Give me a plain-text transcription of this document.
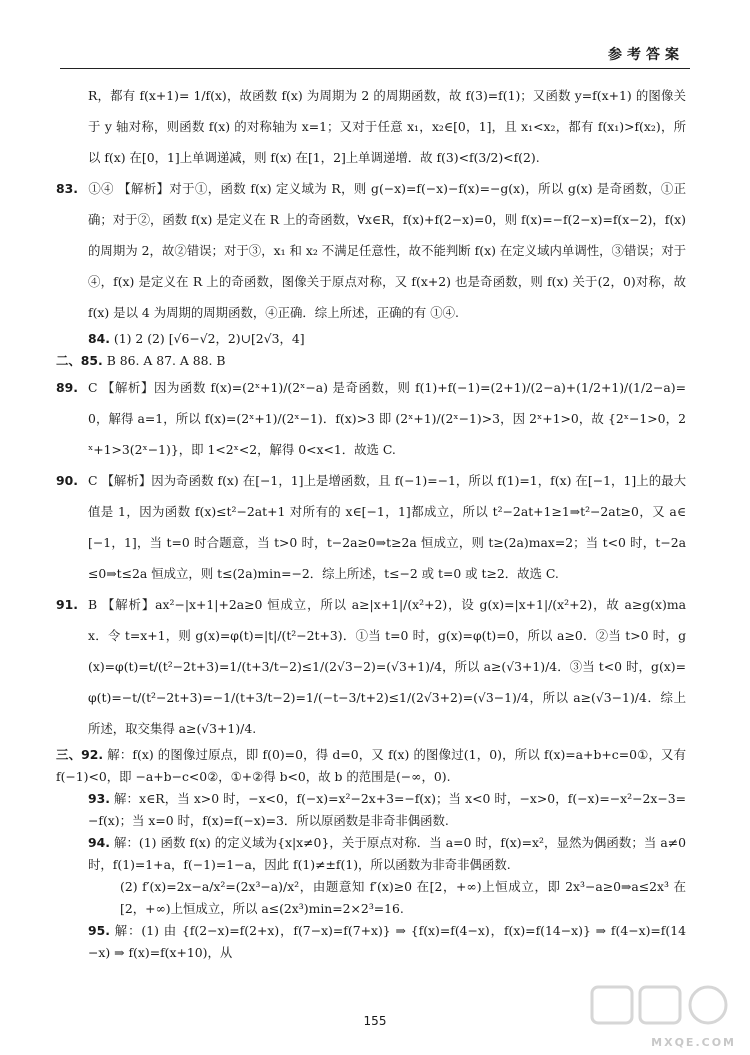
参考答案

R，都有 f(x+1)= 1/f(x)，故函数 f(x) 为周期为 2 的周期函数，故 f(3)=f(1)；又函数 y=f(x+1) 的图像关于 y 轴对称，则函数 f(x) 的对称轴为 x=1；又对于任意 x₁，x₂∈[0，1]，且 x₁<x₂，都有 f(x₁)>f(x₂)，所以 f(x) 在[0，1]上单调递减，则 f(x) 在[1，2]上单调递增．故 f(3)<f(3/2)<f(2).

83. ①④ 【解析】对于①，函数 f(x) 定义域为 R，则 g(−x)=f(−x)−f(x)=−g(x)，所以 g(x) 是奇函数，①正确；对于②，函数 f(x) 是定义在 R 上的奇函数，∀x∈R，f(x)+f(2−x)=0，则 f(x)=−f(2−x)=f(x−2)，f(x) 的周期为 2，故②错误；对于③，x₁ 和 x₂ 不满足任意性，故不能判断 f(x) 在定义域内单调性，③错误；对于④，f(x) 是定义在 R 上的奇函数，图像关于原点对称，又 f(x+2) 也是奇函数，则 f(x) 关于(2，0)对称，故 f(x) 是以 4 为周期的周期函数，④正确．综上所述，正确的有 ①④.

84. (1) 2 (2) [√6−√2，2)∪[2√3，4]

二、85. B 86. A 87. A 88. B

89. C 【解析】因为函数 f(x)=(2ˣ+1)/(2ˣ−a) 是奇函数，则 f(1)+f(−1)=(2+1)/(2−a)+(1/2+1)/(1/2−a)=0，解得 a=1，所以 f(x)=(2ˣ+1)/(2ˣ−1)．f(x)>3 即 (2ˣ+1)/(2ˣ−1)>3，因 2ˣ+1>0，故 {2ˣ−1>0，2ˣ+1>3(2ˣ−1)}，即 1<2ˣ<2，解得 0<x<1．故选 C.

90. C 【解析】因为奇函数 f(x) 在[−1，1]上是增函数，且 f(−1)=−1，所以 f(1)=1，f(x) 在[−1，1]上的最大值是 1，因为函数 f(x)≤t²−2at+1 对所有的 x∈[−1，1]都成立，所以 t²−2at+1≥1⇒t²−2at≥0，又 a∈[−1，1]，当 t=0 时合题意，当 t>0 时，t−2a≥0⇒t≥2a 恒成立，则 t≥(2a)max=2；当 t<0 时，t−2a≤0⇒t≤2a 恒成立，则 t≤(2a)min=−2．综上所述，t≤−2 或 t=0 或 t≥2．故选 C.

91. B 【解析】ax²−|x+1|+2a≥0 恒成立，所以 a≥|x+1|/(x²+2)，设 g(x)=|x+1|/(x²+2)，故 a≥g(x)max．令 t=x+1，则 g(x)=φ(t)=|t|/(t²−2t+3)．①当 t=0 时，g(x)=φ(t)=0，所以 a≥0．②当 t>0 时，g(x)=φ(t)=t/(t²−2t+3)=1/(t+3/t−2)≤1/(2√3−2)=(√3+1)/4，所以 a≥(√3+1)/4．③当 t<0 时，g(x)=φ(t)=−t/(t²−2t+3)=−1/(t+3/t−2)=1/(−t−3/t+2)≤1/(2√3+2)=(√3−1)/4，所以 a≥(√3−1)/4．综上所述，取交集得 a≥(√3+1)/4.

三、92. 解：f(x) 的图像过原点，即 f(0)=0，得 d=0，又 f(x) 的图像过(1，0)，所以 f(x)=a+b+c=0①，又有 f(−1)<0，即 −a+b−c<0②，①+②得 b<0，故 b 的范围是(−∞，0).

93. 解：x∈R，当 x>0 时，−x<0，f(−x)=x²−2x+3=−f(x)；当 x<0 时，−x>0，f(−x)=−x²−2x−3=−f(x)；当 x=0 时，f(x)=f(−x)=3．所以原函数是非奇非偶函数.

94. 解：(1) 函数 f(x) 的定义域为{x|x≠0}，关于原点对称．当 a=0 时，f(x)=x²，显然为偶函数；当 a≠0 时，f(1)=1+a，f(−1)=1−a，因此 f(1)≠±f(1)，所以函数为非奇非偶函数.

(2) f′(x)=2x−a/x²=(2x³−a)/x²，由题意知 f′(x)≥0 在[2，+∞)上恒成立，即 2x³−a≥0⇒a≤2x³ 在[2，+∞)上恒成立，所以 a≤(2x³)min=2×2³=16.

95. 解：(1) 由 {f(2−x)=f(2+x)，f(7−x)=f(7+x)} ⇒ {f(x)=f(4−x)，f(x)=f(14−x)} ⇒ f(4−x)=f(14−x) ⇒ f(x)=f(x+10)，从

155
MXQE.COM
